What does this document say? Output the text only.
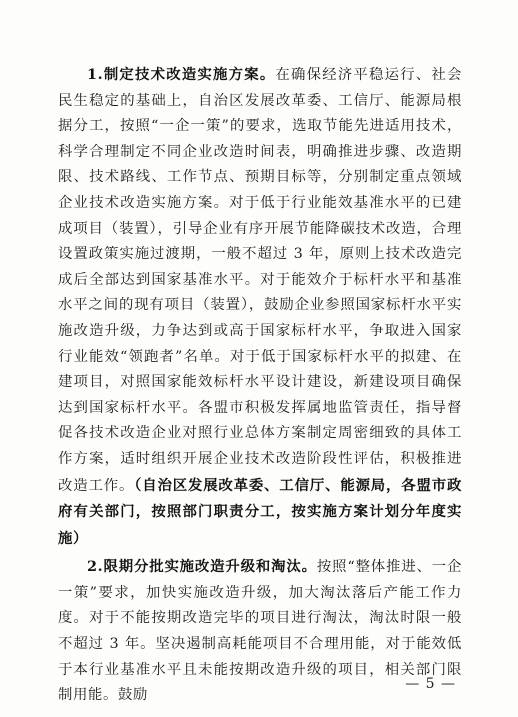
1.制定技术改造实施方案。在确保经济平稳运行、社会民生稳定的基础上，自治区发展改革委、工信厅、能源局根据分工，按照“一企一策”的要求，选取节能先进适用技术，科学合理制定不同企业改造时间表，明确推进步骤、改造期限、技术路线、工作节点、预期目标等，分别制定重点领域企业技术改造实施方案。对于低于行业能效基准水平的已建成项目（装置），引导企业有序开展节能降碳技术改造，合理设置政策实施过渡期，一般不超过 3 年，原则上技术改造完成后全部达到国家基准水平。对于能效介于标杆水平和基准水平之间的现有项目（装置），鼓励企业参照国家标杆水平实施改造升级，力争达到或高于国家标杆水平，争取进入国家行业能效“领跑者”名单。对于低于国家标杆水平的拟建、在建项目，对照国家能效标杆水平设计建设，新建设项目确保达到国家标杆水平。各盟市积极发挥属地监管责任，指导督促各技术改造企业对照行业总体方案制定周密细致的具体工作方案，适时组织开展企业技术改造阶段性评估，积极推进改造工作。（自治区发展改革委、工信厅、能源局，各盟市政府有关部门，按照部门职责分工，按实施方案计划分年度实施）

2.限期分批实施改造升级和淘汰。按照“整体推进、一企一策”要求，加快实施改造升级，加大淘汰落后产能工作力度。对于不能按期改造完毕的项目进行淘汰，淘汰时限一般不超过 3 年。坚决遏制高耗能项目不合理用能，对于能效低于本行业基准水平且未能按期改造升级的项目，相关部门限制用能。鼓励

— 5 —
